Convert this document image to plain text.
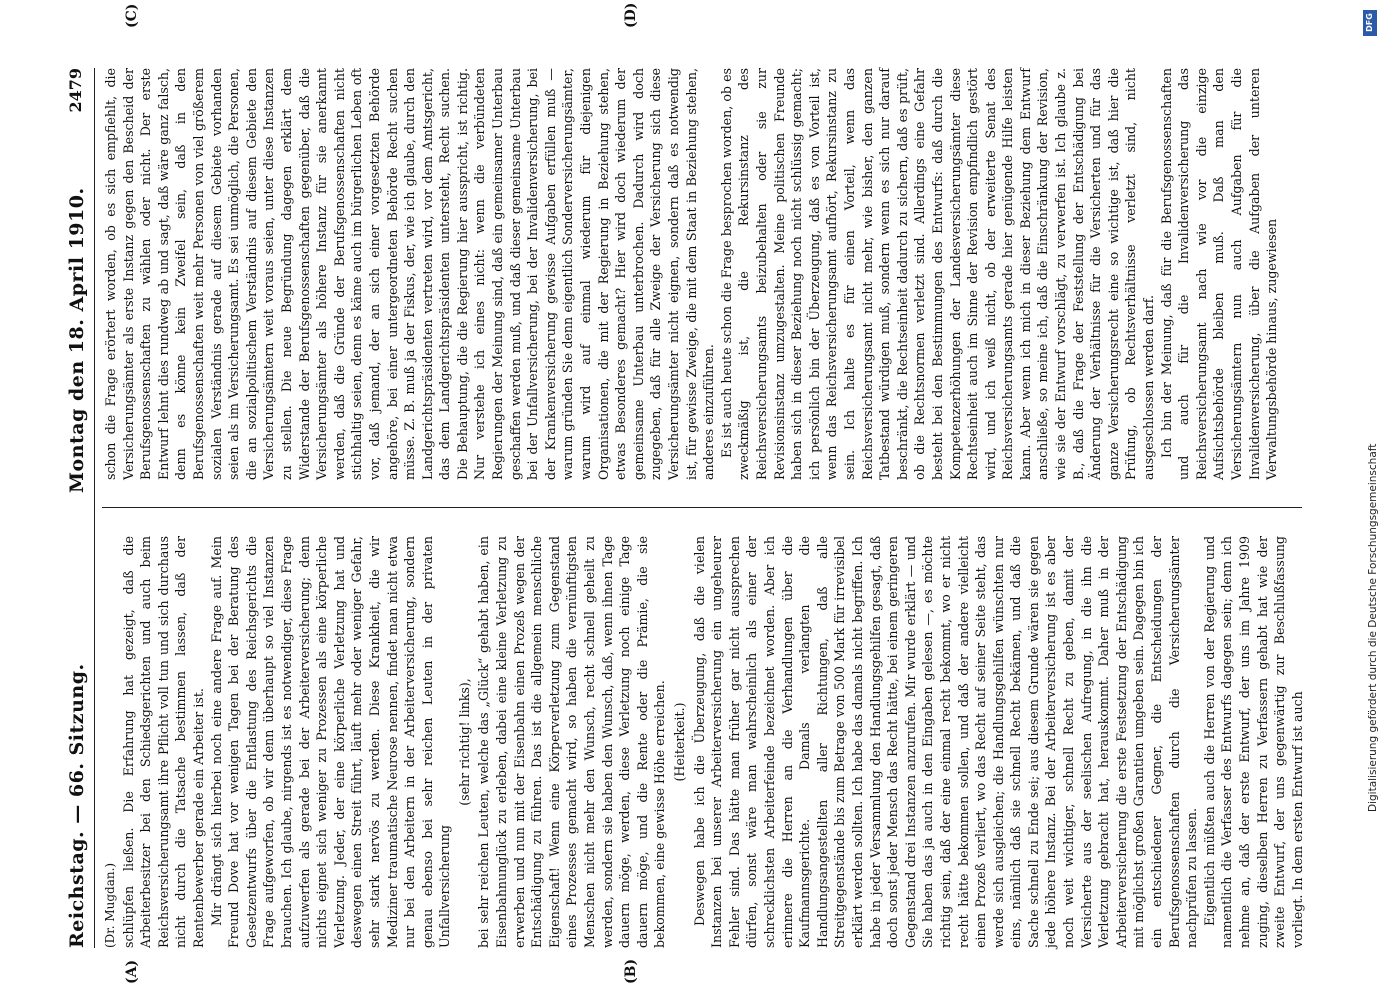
Reichstag. — 66. Sitzung.
Montag den 18. April 1910.
2479
(A)	(B)
(C)	(D)

(Dr. Mugdan.) schlüpfen ließen. Die Erfahrung hat gezeigt, daß die Arbeiterbesitzer bei den Schiedsgerichten und auch beim Reichsversicherungsamt ihre Pflicht voll tun und sich durchaus nicht durch die Tatsache bestimmen lassen, daß der Rentenbewerber gerade ein Arbeiter ist. Mir drängt sich hierbei noch eine andere Frage auf. Mein Freund Dove hat vor wenigen Tagen bei der Beratung des Gesetzentwurfs über die Entlastung des Reichsgerichts die Frage aufgeworfen, ob wir denn überhaupt so viel Instanzen brauchen. Ich glaube, nirgends ist es notwendiger, diese Frage aufzuwerfen als gerade bei der Arbeiterversicherung; denn nichts eignet sich weniger zu Prozessen als eine körperliche Verletzung. Jeder, der eine körperliche Verletzung hat und deswegen einen Streit führt, läuft mehr oder weniger Gefahr, sehr stark nervös zu werden. Diese Krankheit, die wir Mediziner traumatische Neurose nennen, findet man nicht etwa nur bei den Arbeitern in der Arbeiterversicherung, sondern genau ebenso bei sehr reichen Leuten in der privaten Unfallversicherung

(sehr richtig! links), bei sehr reichen Leuten, welche das „Glück“ gehabt haben, ein Eisenbahnunglück zu erleben, dabei eine kleine Verletzung zu erwerben und nun mit der Eisenbahn einen Prozeß wegen der Entschädigung zu führen. Das ist die allgemein menschliche Eigenschaft! Wenn eine Körperverletzung zum Gegenstand eines Prozesses gemacht wird, so haben die vernünftigsten Menschen nicht mehr den Wunsch, recht schnell geheilt zu werden, sondern sie haben den Wunsch, daß, wenn ihnen Tage dauern möge, werden, diese Verletzung noch einige Tage dauern möge, und die Rente oder die Prämie, die sie bekommen, eine gewisse Höhe erreichen. (Heiterkeit.) Deswegen habe ich die Überzeugung, daß die vielen Instanzen bei unserer Arbeiterversicherung ein ungeheurer Fehler sind. Das hätte man früher gar nicht aussprechen dürfen, sonst wäre man wahrscheinlich als einer der schrecklichsten Arbeiterfeinde bezeichnet worden. Aber ich erinnere die Herren an die Verhandlungen über die Kaufmannsgerichte. Damals verlangten die Handlungsangestellten aller Richtungen, daß alle Streitgegenstände bis zum Betrage von 500 Mark für irrevisibel erklärt werden sollten. Ich habe das damals nicht begriffen. Ich habe in jeder Versammlung den Handlungsgehilfen gesagt, daß doch sonst jeder Mensch das Recht hätte, bei einem geringeren Gegenstand drei Instanzen anzurufen. Mir wurde erklärt — und Sie haben das ja auch in den Eingaben gelesen —, es möchte richtig sein, daß der eine einmal recht bekommt, wo er nicht recht hätte bekommen sollen, und daß der andere vielleicht einen Prozeß verliert, wo das Recht auf seiner Seite steht, das werde sich ausgleichen; die Handlungsgehilfen wünschten nur eins, nämlich daß sie schnell Recht bekämen, und daß die Sache schnell zu Ende sei; aus diesem Grunde wären sie gegen jede höhere Instanz. Bei der Arbeiterversicherung ist es aber noch weit wichtiger, schnell Recht zu geben, damit der Versicherte aus der seelischen Aufregung, in die ihn die Verletzung gebracht hat, herauskommt. Daher muß in der Arbeiterversicherung die erste Festsetzung der Entschädigung mit möglichst großen Garantien umgeben sein. Dagegen bin ich ein entschiedener Gegner, die Entscheidungen der Berufsgenossenschaften durch die Versicherungsämter nachprüfen zu lassen. Eigentlich müßten auch die Herren von der Regierung und namentlich die Verfasser des Entwurfs dagegen sein; denn ich nehme an, daß der erste Entwurf, der uns im Jahre 1909 zuging, dieselben Herren zu Verfassern gehabt hat wie der zweite Entwurf, der uns gegenwärtig zur Beschlußfassung vorliegt. In dem ersten Entwurf ist auch

schon die Frage erörtert worden, ob es sich empfiehlt, die Versicherungsämter als erste Instanz gegen den Bescheid der Berufsgenossenschaften zu wählen oder nicht. Der erste Entwurf lehnt dies rundweg ab und sagt, daß wäre ganz falsch, denn es könne kein Zweifel sein, daß in den Berufsgenossenschaften weit mehr Personen von viel größerem sozialen Verständnis gerade auf diesem Gebiete vorhanden seien als im Versicherungsamt. Es sei unmöglich, die Personen, die an sozialpolitischem Verständnis auf diesem Gebiete den Versicherungsämtern weit voraus seien, unter diese Instanzen zu stellen. Die neue Begründung dagegen erklärt dem Widerstande der Berufsgenossenschaften gegenüber, daß die Versicherungsämter als höhere Instanz für sie anerkannt werden, daß die Gründe der Berufsgenossenschaften nicht stichhaltig seien, denn es käme auch im bürgerlichen Leben oft vor, daß jemand, der an sich einer vorgesetzten Behörde angehöre, bei einer untergeordneten Behörde Recht suchen müsse. Z. B. muß ja der Fiskus, der, wie ich glaube, durch den Landgerichtspräsidenten vertreten wird, vor dem Amtsgericht, das dem Landgerichtspräsidenten untersteht, Recht suchen. Die Behauptung, die die Regierung hier ausspricht, ist richtig. Nur verstehe ich eines nicht: wenn die verbündeten Regierungen der Meinung sind, daß ein gemeinsamer Unterbau geschaffen werden muß, und daß dieser gemeinsame Unterbau bei der Unfallversicherung, bei der Invalidenversicherung, bei der Krankenversicherung gewisse Aufgaben erfüllen muß — warum gründen Sie denn eigentlich Sonderversicherungsämter, warum wird auf einmal wiederum für diejenigen Organisationen, die mit der Regierung in Beziehung stehen, etwas Besonderes gemacht? Hier wird doch wiederum der gemeinsame Unterbau unterbrochen. Dadurch wird doch zugegeben, daß für alle Zweige der Versicherung sich diese Versicherungsämter nicht eignen, sondern daß es notwendig ist, für gewisse Zweige, die mit dem Staat in Beziehung stehen, anderes einzuführen. Es ist auch heute schon die Frage besprochen worden, ob es zweckmäßig ist, die Rekursinstanz des Reichsversicherungsamts beizubehalten oder sie zur Revisionsinstanz umzugestalten. Meine politischen Freunde haben sich in dieser Beziehung noch nicht schlüssig gemacht; ich persönlich bin der Überzeugung, daß es von Vorteil ist, wenn das Reichsversicherungsamt aufhört, Rekursinstanz zu sein. Ich halte es für einen Vorteil, wenn das Reichsversicherungsamt nicht mehr, wie bisher, den ganzen Tatbestand würdigen muß, sondern wenn es sich nur darauf beschränkt, die Rechtseinheit dadurch zu sichern, daß es prüft, ob die Rechtsnormen verletzt sind. Allerdings eine Gefahr besteht bei den Bestimmungen des Entwurfs: daß durch die Kompetenzerhöhungen der Landesversicherungsämter diese Rechtseinheit auch im Sinne der Revision empfindlich gestört wird, und ich weiß nicht, ob der erweiterte Senat des Reichsversicherungsamts gerade hier genügende Hilfe leisten kann. Aber wenn ich mich in dieser Beziehung dem Entwurf anschließe, so meine ich, daß die Einschränkung der Revision, wie sie der Entwurf vorschlägt, zu verwerfen ist. Ich glaube z. B., daß die Frage der Feststellung der Entschädigung bei Änderung der Verhältnisse für die Versicherten und für das ganze Versicherungsrecht eine so wichtige ist, daß hier die Prüfung, ob Rechtsverhältnisse verletzt sind, nicht ausgeschlossen werden darf. Ich bin der Meinung, daß für die Berufsgenossenschaften und auch für die Invalidenversicherung das Reichsversicherungsamt nach wie vor die einzige Aufsichtsbehörde bleiben muß. Daß man den Versicherungsämtern nun auch Aufgaben für die Invalidenversicherung, über die Aufgaben der unteren Verwaltungsbehörde hinaus, zugewiesen

DFG
Digitalisierung gefördert durch die Deutsche Forschungsgemeinschaft
